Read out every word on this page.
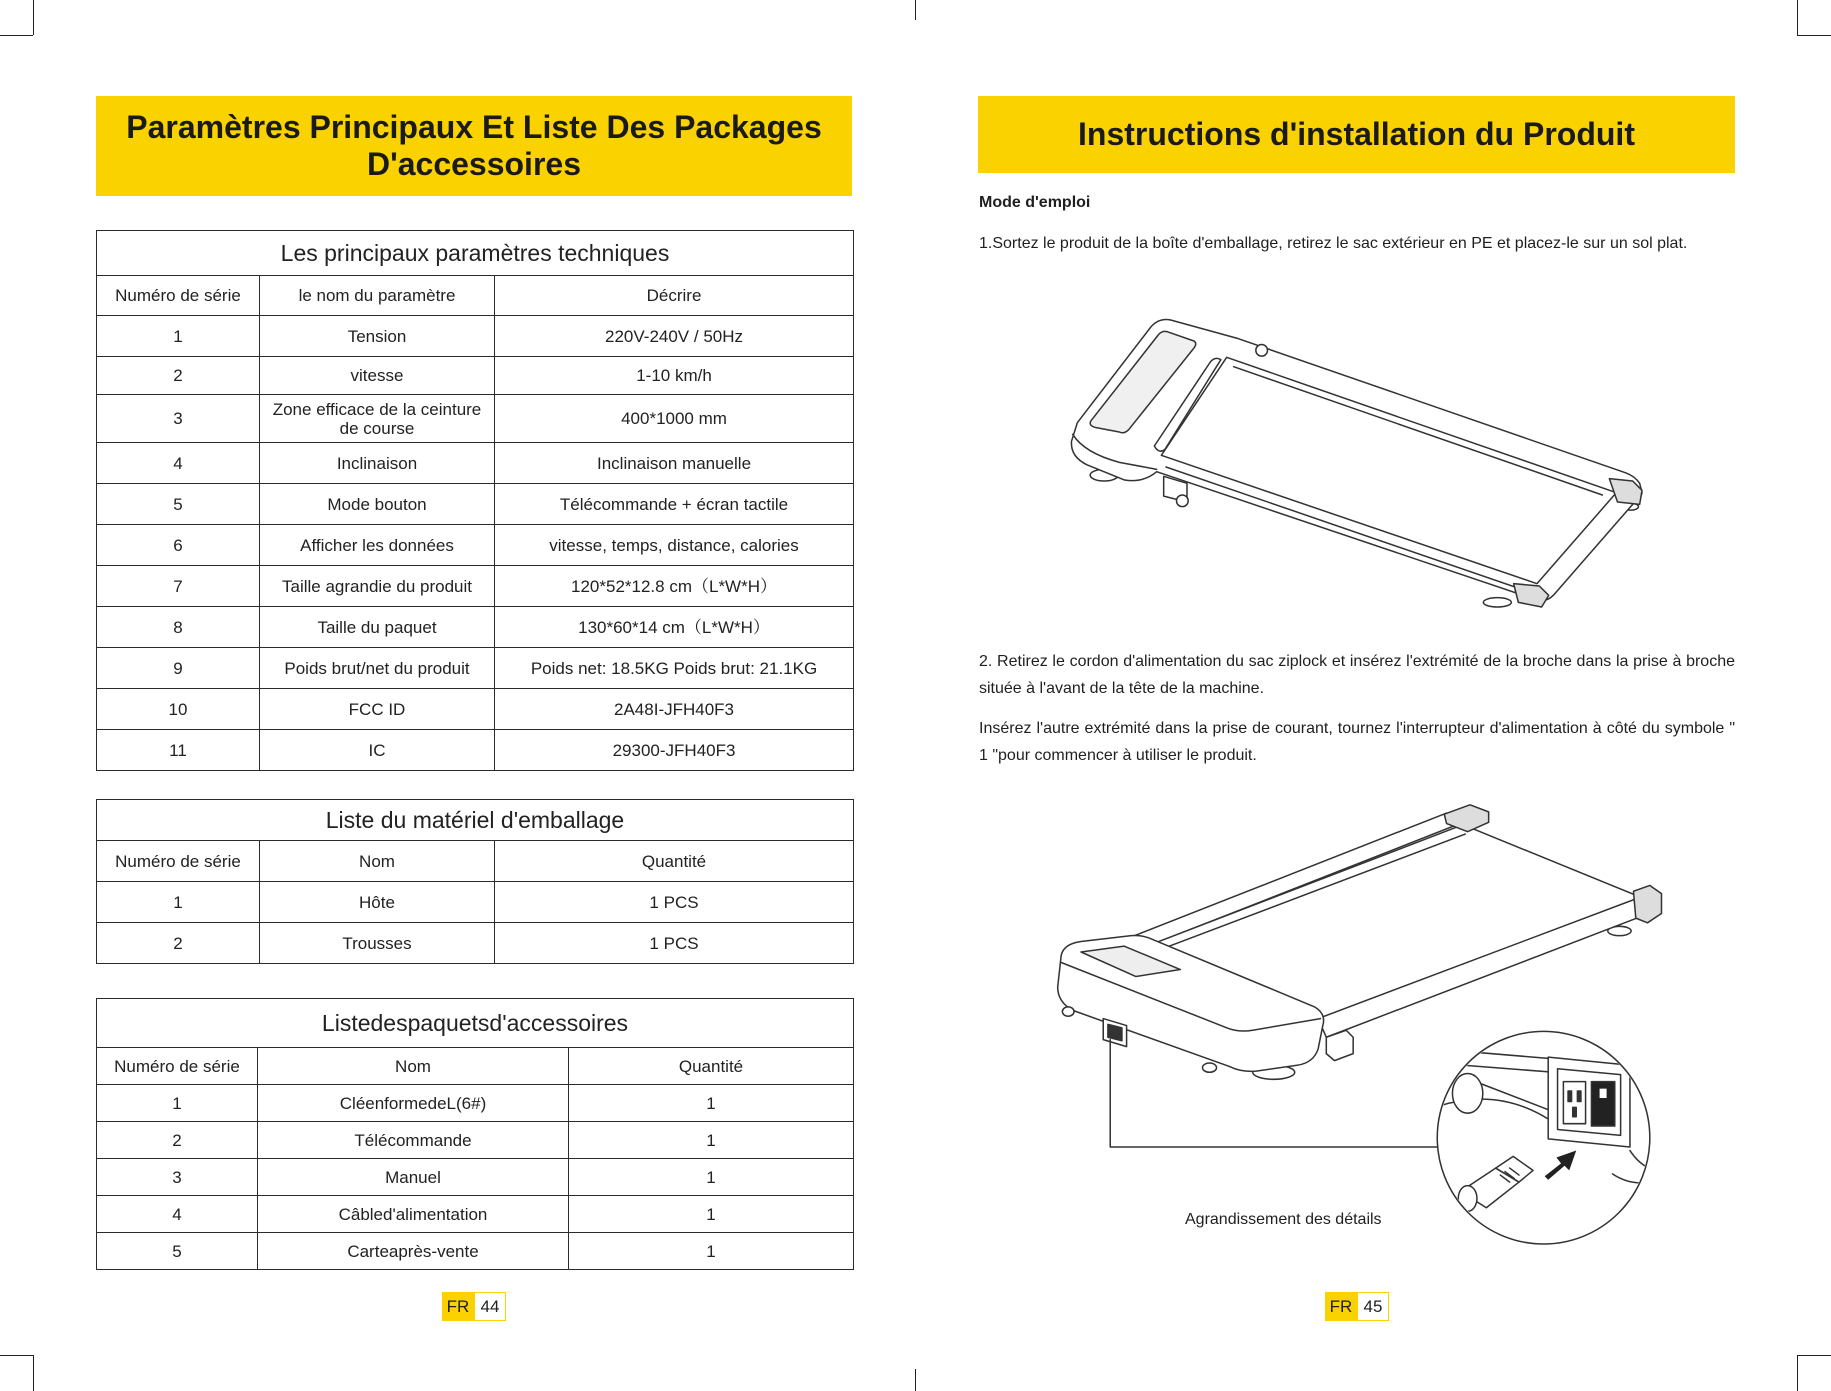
Paramètres Principaux Et Liste Des Packages D'accessoires
Les principaux paramètres techniques		
Numéro de série	le nom du paramètre	Décrire
1	Tension	220V-240V / 50Hz
2	vitesse	1-10 km/h
3	Zone efficace de la ceinture de course	400*1000 mm
4	Inclinaison	Inclinaison manuelle
5	Mode bouton	Télécommande + écran tactile
6	Afficher les données	vitesse, temps, distance, calories
7	Taille agrandie du produit	120*52*12.8 cm（L*W*H）
8	Taille du paquet	130*60*14 cm（L*W*H）
9	Poids brut/net du produit	Poids net: 18.5KG Poids brut: 21.1KG
10	FCC ID	2A48I-JFH40F3
11	IC	29300-JFH40F3
Liste du matériel d'emballage		
Numéro de série	Nom	Quantité
1	Hôte	1 PCS
2	Trousses	1 PCS
Listedespaquetsd'accessoires		
Numéro de série	Nom	Quantité
1	CléenformedeL(6#)	1
2	Télécommande	1
3	Manuel	1
4	Câbled'alimentation	1
5	Carteaprès-vente	1
FR 44
Instructions d'installation du Produit
Mode d'emploi

1.Sortez le produit de la boîte d'emballage, retirez le sac extérieur en PE et placez-le sur un sol plat.

2. Retirez le cordon d'alimentation du sac ziplock et insérez l'extrémité de la broche dans la prise à broche située à l'avant de la tête de la machine.

Insérez l'autre extrémité dans la prise de courant, tournez l'interrupteur d'alimentation à côté du symbole " 1 "pour commencer à utiliser le produit.

Agrandissement des détails
FR 45
